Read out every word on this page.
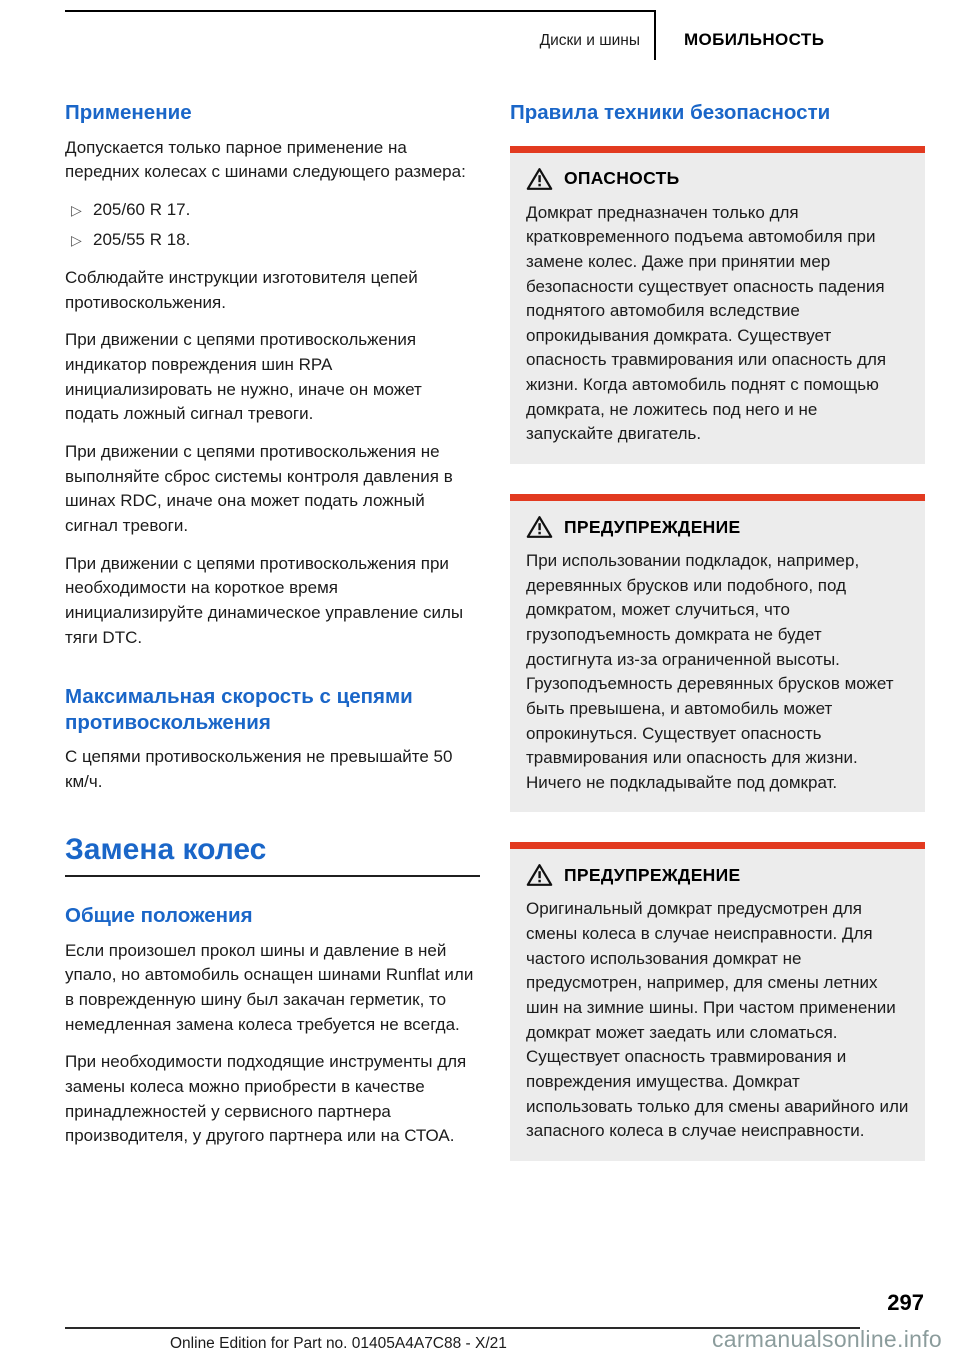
Диски и шины	МОБИЛЬНОСТЬ
Применение

Допускается только парное применение на передних колесах с шинами следующего размера:

▷ 205/60 R 17.
▷ 205/55 R 18.

Соблюдайте инструкции изготовителя цепей противоскольжения.

При движении с цепями противоскольжения индикатор повреждения шин RPA инициализировать не нужно, иначе он может подать ложный сигнал тревоги.

При движении с цепями противоскольжения не выполняйте сброс системы контроля давления в шинах RDC, иначе она может подать ложный сигнал тревоги.

При движении с цепями противоскольжения при необходимости на короткое время инициализируйте динамическое управление силы тяги DTC.

Максимальная скорость с цепями противоскольжения

С цепями противоскольжения не превышайте 50 км/ч.

Замена колес
Общие положения

Если произошел прокол шины и давление в ней упало, но автомобиль оснащен шинами Runflat или в поврежденную шину был закачан герметик, то немедленная замена колеса требуется не всегда.

При необходимости подходящие инструменты для замены колеса можно приобрести в качестве принадлежностей у сервисного партнера производителя, у другого партнера или на СТОА.

Правила техники безопасности
ОПАСНОСТЬ
Домкрат предназначен только для кратковременного подъема автомобиля при замене колес. Даже при принятии мер безопасности существует опасность падения поднятого автомобиля вследствие опрокидывания домкрата. Существует опасность травмирования или опасность для жизни. Когда автомобиль поднят с помощью домкрата, не ложитесь под него и не запускайте двигатель.
ПРЕДУПРЕЖДЕНИЕ
При использовании подкладок, например, деревянных брусков или подобного, под домкратом, может случиться, что грузоподъемность домкрата не будет достигнута из-за ограниченной высоты. Грузоподъемность деревянных брусков может быть превышена, и автомобиль может опрокинуться. Существует опасность травмирования или опасность для жизни. Ничего не подкладывайте под домкрат.
ПРЕДУПРЕЖДЕНИЕ
Оригинальный домкрат предусмотрен для смены колеса в случае неисправности. Для частого использования домкрат не предусмотрен, например, для смены летних шин на зимние шины. При частом применении домкрат может заедать или сломаться. Существует опасность травмирования и повреждения имущества. Домкрат использовать только для смены аварийного или запасного колеса в случае неисправности.
297
Online Edition for Part no. 01405A4A7C88 - X/21	carmanualsonline.info
